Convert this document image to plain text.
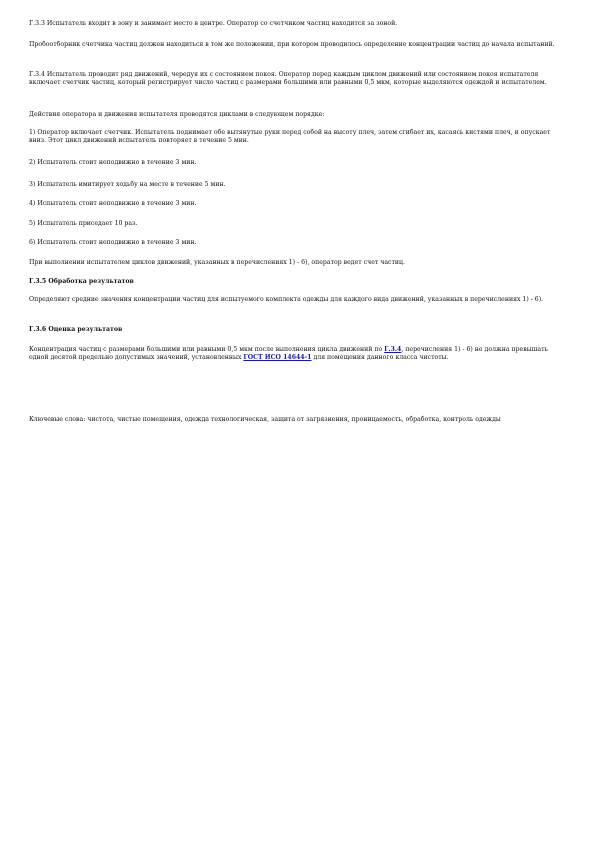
Г.3.3 Испытатель входит в зону и занимает место в центре. Оператор со счетчиком частиц находится за зоной.

Пробоотборник счетчика частиц должен находиться в том же положении, при котором проводилось определение концентрации частиц до начала испытаний.

Г.3.4 Испытатель проводит ряд движений, чередуя их с состоянием покоя. Оператор перед каждым циклом движений или состоянием покоя испытателя включает счетчик частиц, который регистрирует число частиц с размерами большими или равными 0,5 мкм, которые выделяются одеждой и испытателем.

Действия оператора и движения испытателя проводятся циклами в следующем порядке:

1) Оператор включает счетчик. Испытатель поднимает обе вытянутые руки перед собой на высоту плеч, затем сгибает их, касаясь кистями плеч, и опускает вниз. Этот цикл движений испытатель повторяет в течение 5 мин.

2) Испытатель стоит неподвижно в течение 3 мин.

3) Испытатель имитирует ходьбу на месте в течение 5 мин.

4) Испытатель стоит неподвижно в течение 3 мин.

5) Испытатель приседает 10 раз.

6) Испытатель стоит неподвижно в течение 3 мин.

При выполнении испытателем циклов движений, указанных в перечислениях 1) - 6), оператор ведет счет частиц.

Г.3.5 Обработка результатов

Определяют средние значения концентрации частиц для испытуемого комплекта одежды для каждого вида движений, указанных в перечислениях 1) - 6).

Г.3.6 Оценка результатов

Концентрация частиц с размерами большими или равными 0,5 мкм после выполнения цикла движений по Г.3.4, перечисления 1) - 6) не должна превышать одной десятой предельно допустимых значений, установленных ГОСТ ИСО 14644-1 для помещения данного класса чистоты.

Ключевые слова: чистота, чистые помещения, одежда технологическая, защита от загрязнения, проницаемость, обработка, контроль одежды
